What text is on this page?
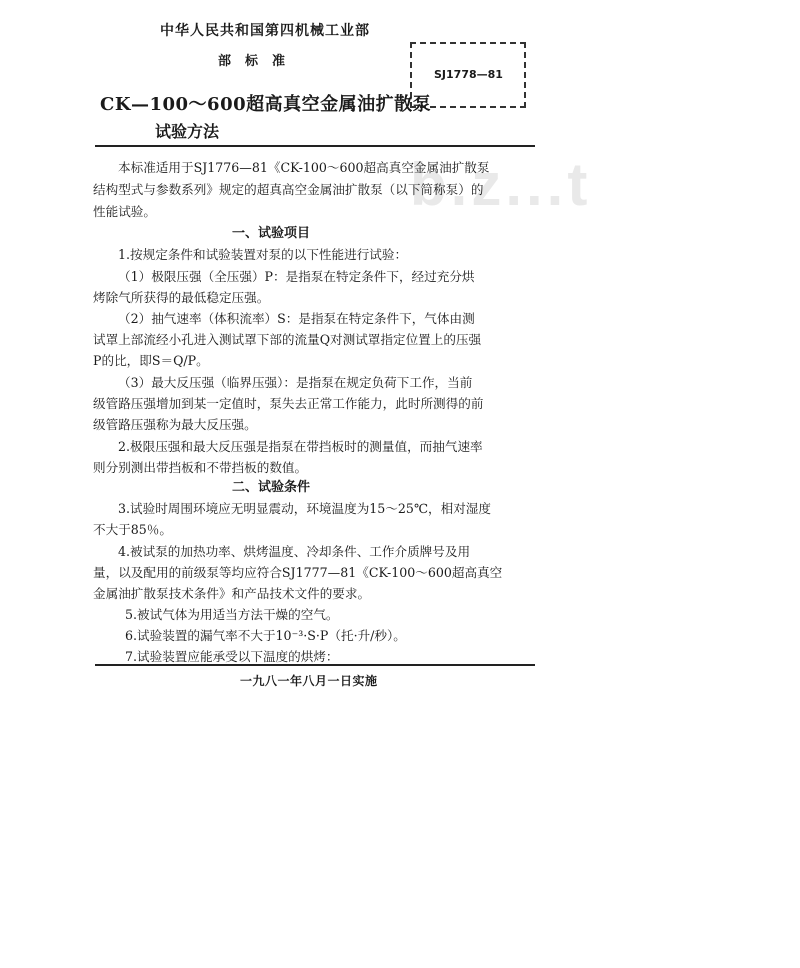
b.z...t
中华人民共和国第四机械工业部
部标准
SJ1778—81
CK—100～600超高真空金属油扩散泵
试验方法
本标准适用于SJ1776—81《CK-100～600超高真空金属油扩散泵
结构型式与参数系列》规定的超真高空金属油扩散泵（以下简称泵）的
性能试验。
一、试验项目
1.按规定条件和试验装置对泵的以下性能进行试验：
（1）极限压强（全压强）P：是指泵在特定条件下，经过充分烘
烤除气所获得的最低稳定压强。
（2）抽气速率（体积流率）S：是指泵在特定条件下，气体由测
试罩上部流经小孔进入测试罩下部的流量Q对测试罩指定位置上的压强
P的比，即S＝Q/P。
（3）最大反压强（临界压强）：是指泵在规定负荷下工作，当前
级管路压强增加到某一定值时，泵失去正常工作能力，此时所测得的前
级管路压强称为最大反压强。
2.极限压强和最大反压强是指泵在带挡板时的测量值，而抽气速率
则分别测出带挡板和不带挡板的数值。
二、试验条件
3.试验时周围环境应无明显震动，环境温度为15～25℃，相对湿度
不大于85％。
4.被试泵的加热功率、烘烤温度、冷却条件、工作介质牌号及用
量，以及配用的前级泵等均应符合SJ1777—81《CK-100～600超高真空
金属油扩散泵技术条件》和产品技术文件的要求。
5.被试气体为用适当方法干燥的空气。
6.试验装置的漏气率不大于10⁻³·S·P（托·升/秒）。
7.试验装置应能承受以下温度的烘烤：
一九八一年八月一日实施
